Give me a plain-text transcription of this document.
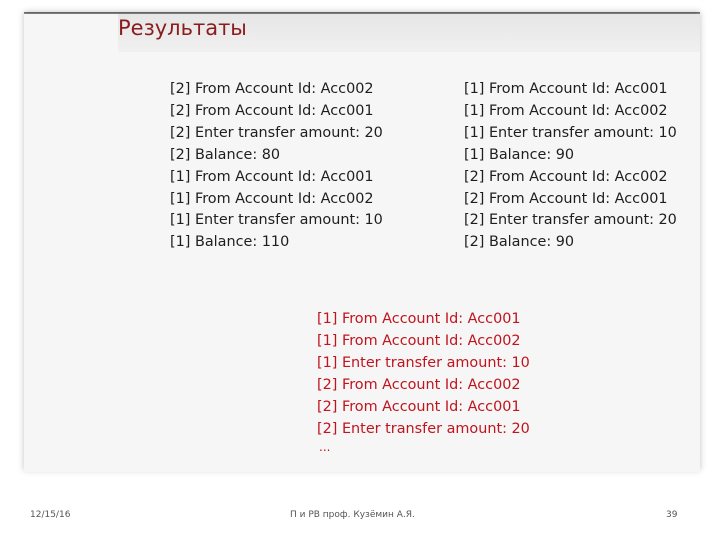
Результаты
[2] From Account Id: Acc002
[2] From Account Id: Acc001
[2] Enter transfer amount: 20
[2] Balance: 80
[1] From Account Id: Acc001
[1] From Account Id: Acc002
[1] Enter transfer amount: 10
[1] Balance: 110
[1] From Account Id: Acc001
[1] From Account Id: Acc002
[1] Enter transfer amount: 10
[1] Balance: 90
[2] From Account Id: Acc002
[2] From Account Id: Acc001
[2] Enter transfer amount: 20
[2] Balance: 90
[1] From Account Id: Acc001
[1] From Account Id: Acc002
[1] Enter transfer amount: 10
[2] From Account Id: Acc002
[2] From Account Id: Acc001
[2] Enter transfer amount: 20
...
12/15/16	П и РВ проф. Кузёмин А.Я.	39
